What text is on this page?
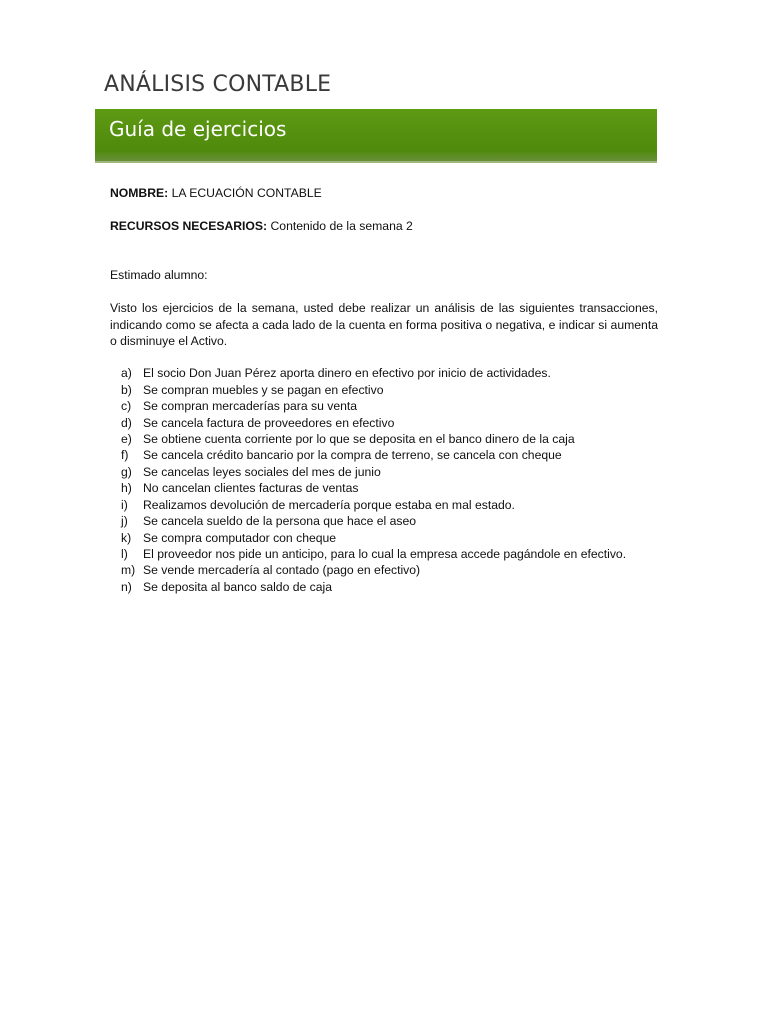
ANÁLISIS CONTABLE
Guía de ejercicios

NOMBRE: LA ECUACIÓN CONTABLE

RECURSOS NECESARIOS: Contenido de la semana 2

Estimado alumno:

Visto los ejercicios de la semana, usted debe realizar un análisis de las siguientes transacciones, indicando como se afecta a cada lado de la cuenta en forma positiva o negativa, e indicar si aumenta o disminuye el Activo.

a) El socio Don Juan Pérez aporta dinero en efectivo por inicio de actividades.
b) Se compran muebles y se pagan en efectivo
c) Se compran mercaderías para su venta
d) Se cancela factura de proveedores en efectivo
e) Se obtiene cuenta corriente por lo que se deposita en el banco dinero de la caja
f)	Se cancela crédito bancario por la compra de terreno, se cancela con cheque
g) Se cancelas leyes sociales del mes de junio
h) No cancelan clientes facturas de ventas
i)	Realizamos devolución de mercadería porque estaba en mal estado.
j)	Se cancela sueldo de la persona que hace el aseo
k) Se compra computador con cheque
l)	El proveedor nos pide un anticipo, para lo cual la empresa accede pagándole en efectivo.
m) Se vende mercadería al contado (pago en efectivo)
n) Se deposita al banco saldo de caja
